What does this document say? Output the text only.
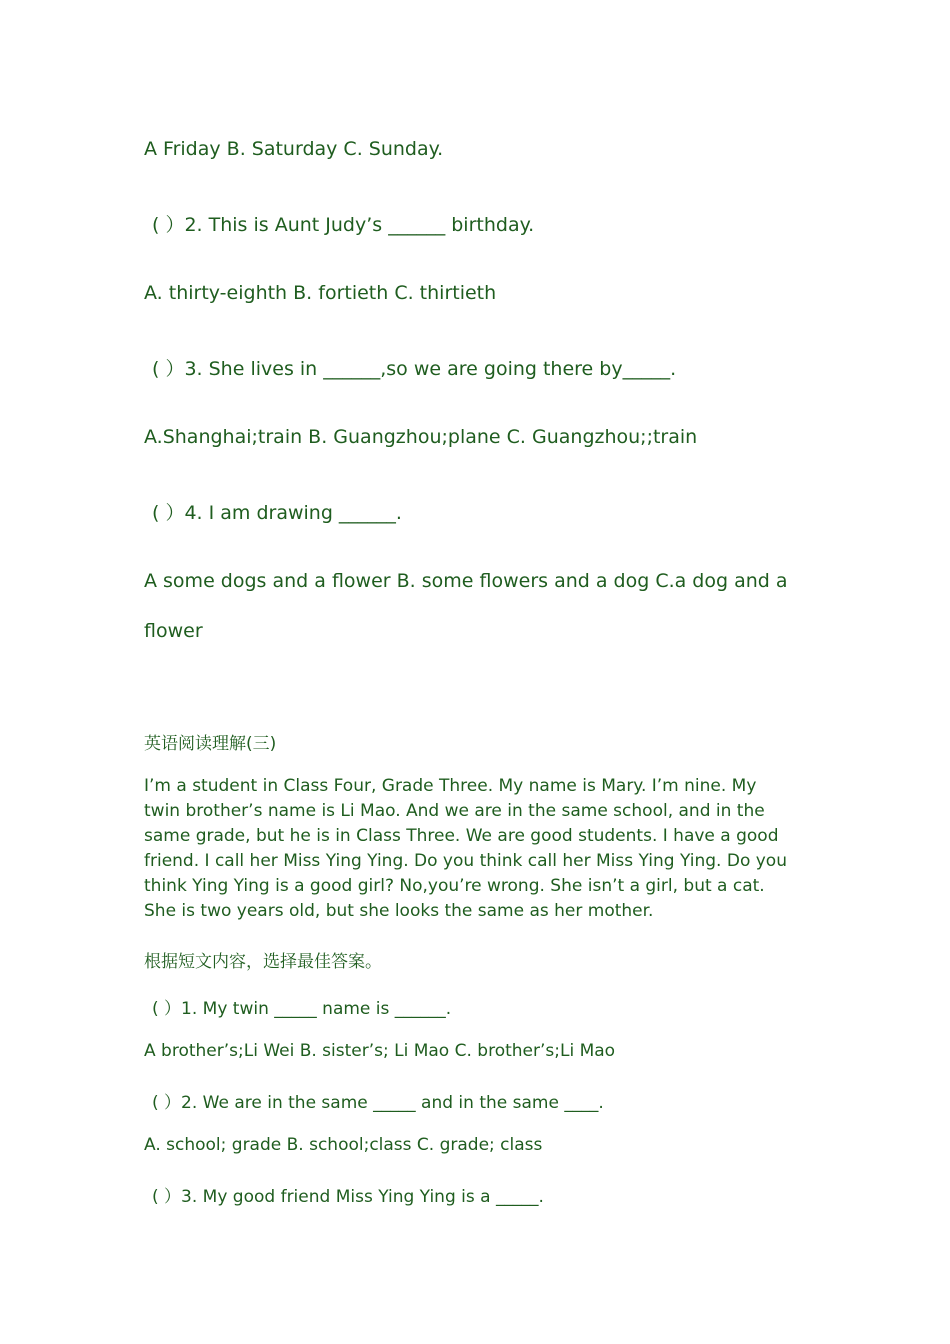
A Friday B. Saturday C. Sunday.
( ）2. This is Aunt Judy’s ______ birthday.
A. thirty-eighth B. fortieth C. thirtieth
( ）3. She lives in ______,so we are going there by_____.
A.Shanghai;train B. Guangzhou;plane C. Guangzhou;;train
( ）4. I am drawing ______.
A some dogs and a flower B. some flowers and a dog C.a dog and a
flower
英语阅读理解(三)
I’m a student in Class Four, Grade Three. My name is Mary. I’m nine. My
twin brother’s name is Li Mao. And we are in the same school, and in the
same grade, but he is in Class Three. We are good students. I have a good
friend. I call her Miss Ying Ying. Do you think call her Miss Ying Ying. Do you
think Ying Ying is a good girl? No,you’re wrong. She isn’t a girl, but a cat.
She is two years old, but she looks the same as her mother.
根据短文内容，选择最佳答案。
( ）1. My twin _____ name is ______.
A brother’s;Li Wei B. sister’s; Li Mao C. brother’s;Li Mao
( ）2. We are in the same _____ and in the same ____.
A. school; grade B. school;class C. grade; class
( ）3. My good friend Miss Ying Ying is a _____.
